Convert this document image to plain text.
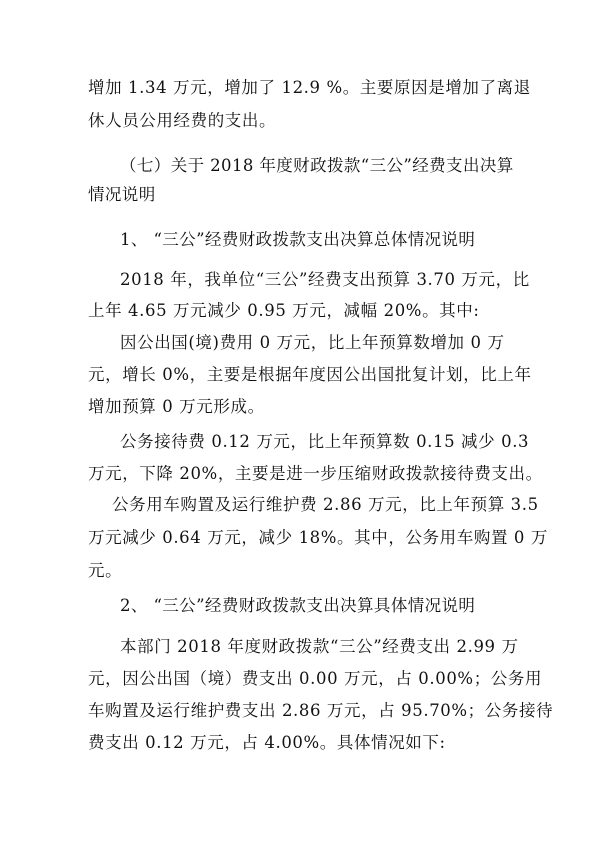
增加 1.34 万元，增加了 12.9 %。主要原因是增加了离退
休人员公用经费的支出。
（七）关于 2018 年度财政拨款“三公”经费支出决算
情况说明
1、 “三公”经费财政拨款支出决算总体情况说明
2018 年，我单位“三公”经费支出预算 3.70 万元，比
上年 4.65 万元减少 0.95 万元，减幅 20%。其中:
因公出国(境)费用 0 万元，比上年预算数增加 0 万
元，增长 0%，主要是根据年度因公出国批复计划，比上年
增加预算 0 万元形成。
公务接待费 0.12 万元，比上年预算数 0.15 减少 0.3
万元，下降 20%，主要是进一步压缩财政拨款接待费支出。
公务用车购置及运行维护费 2.86 万元，比上年预算 3.5
万元减少 0.64 万元，减少 18%。其中，公务用车购置 0 万
元。
2、 “三公”经费财政拨款支出决算具体情况说明
本部门 2018 年度财政拨款“三公”经费支出 2.99 万
元，因公出国（境）费支出 0.00 万元，占 0.00%；公务用
车购置及运行维护费支出 2.86 万元，占 95.70%；公务接待
费支出 0.12 万元，占 4.00%。具体情况如下:
